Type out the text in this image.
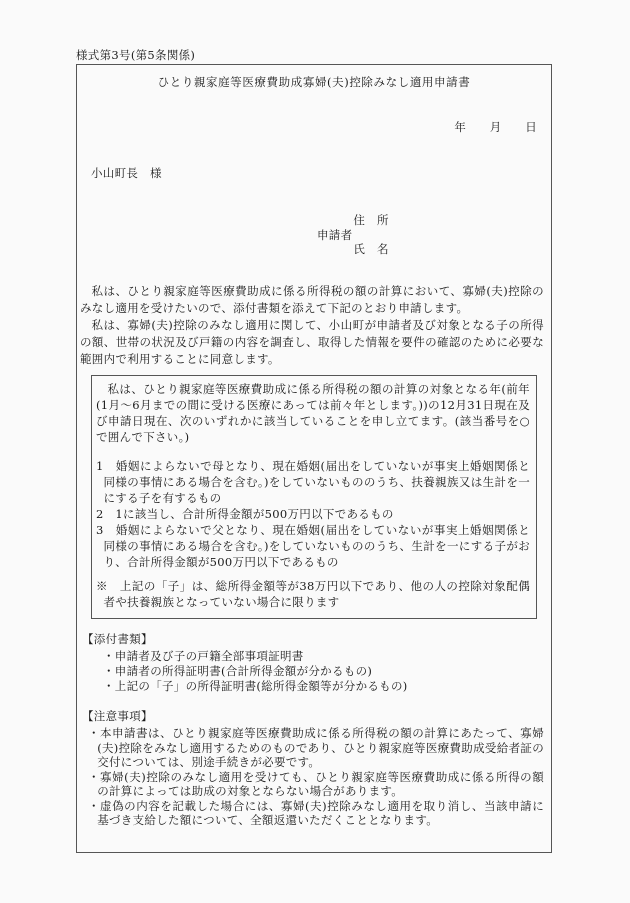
様式第3号(第5条関係)
ひとり親家庭等医療費助成寡婦(夫)控除みなし適用申請書
年　　月　　日
小山町長　様
申請者
住　所
氏　名
私は、ひとり親家庭等医療費助成に係る所得税の額の計算において、寡婦(夫)控除のみなし適用を受けたいので、添付書類を添えて下記のとおり申請します。
私は、寡婦(夫)控除のみなし適用に関して、小山町が申請者及び対象となる子の所得の額、世帯の状況及び戸籍の内容を調査し、取得した情報を要件の確認のために必要な範囲内で利用することに同意します。
私は、ひとり親家庭等医療費助成に係る所得税の額の計算の対象となる年(前年(1月〜6月までの間に受ける医療にあっては前々年とします。))の12月31日現在及び申請日現在、次のいずれかに該当していることを申し立てます。(該当番号を○で囲んで下さい。)
1　婚姻によらないで母となり、現在婚姻(届出をしていないが事実上婚姻関係と同様の事情にある場合を含む。)をしていないもののうち、扶養親族又は生計を一にする子を有するもの
2　1に該当し、合計所得金額が500万円以下であるもの
3　婚姻によらないで父となり、現在婚姻(届出をしていないが事実上婚姻関係と同様の事情にある場合を含む。)をしていないもののうち、生計を一にする子がおり、合計所得金額が500万円以下であるもの
※　上記の「子」は、総所得金額等が38万円以下であり、他の人の控除対象配偶者や扶養親族となっていない場合に限ります
【添付書類】
・申請者及び子の戸籍全部事項証明書
・申請者の所得証明書(合計所得金額が分かるもの)
・上記の「子」の所得証明書(総所得金額等が分かるもの)
【注意事項】
・本申請書は、ひとり親家庭等医療費助成に係る所得税の額の計算にあたって、寡婦(夫)控除をみなし適用するためのものであり、ひとり親家庭等医療費助成受給者証の交付については、別途手続きが必要です。
・寡婦(夫)控除のみなし適用を受けても、ひとり親家庭等医療費助成に係る所得の額の計算によっては助成の対象とならない場合があります。
・虚偽の内容を記載した場合には、寡婦(夫)控除みなし適用を取り消し、当該申請に基づき支給した額について、全額返還いただくこととなります。
